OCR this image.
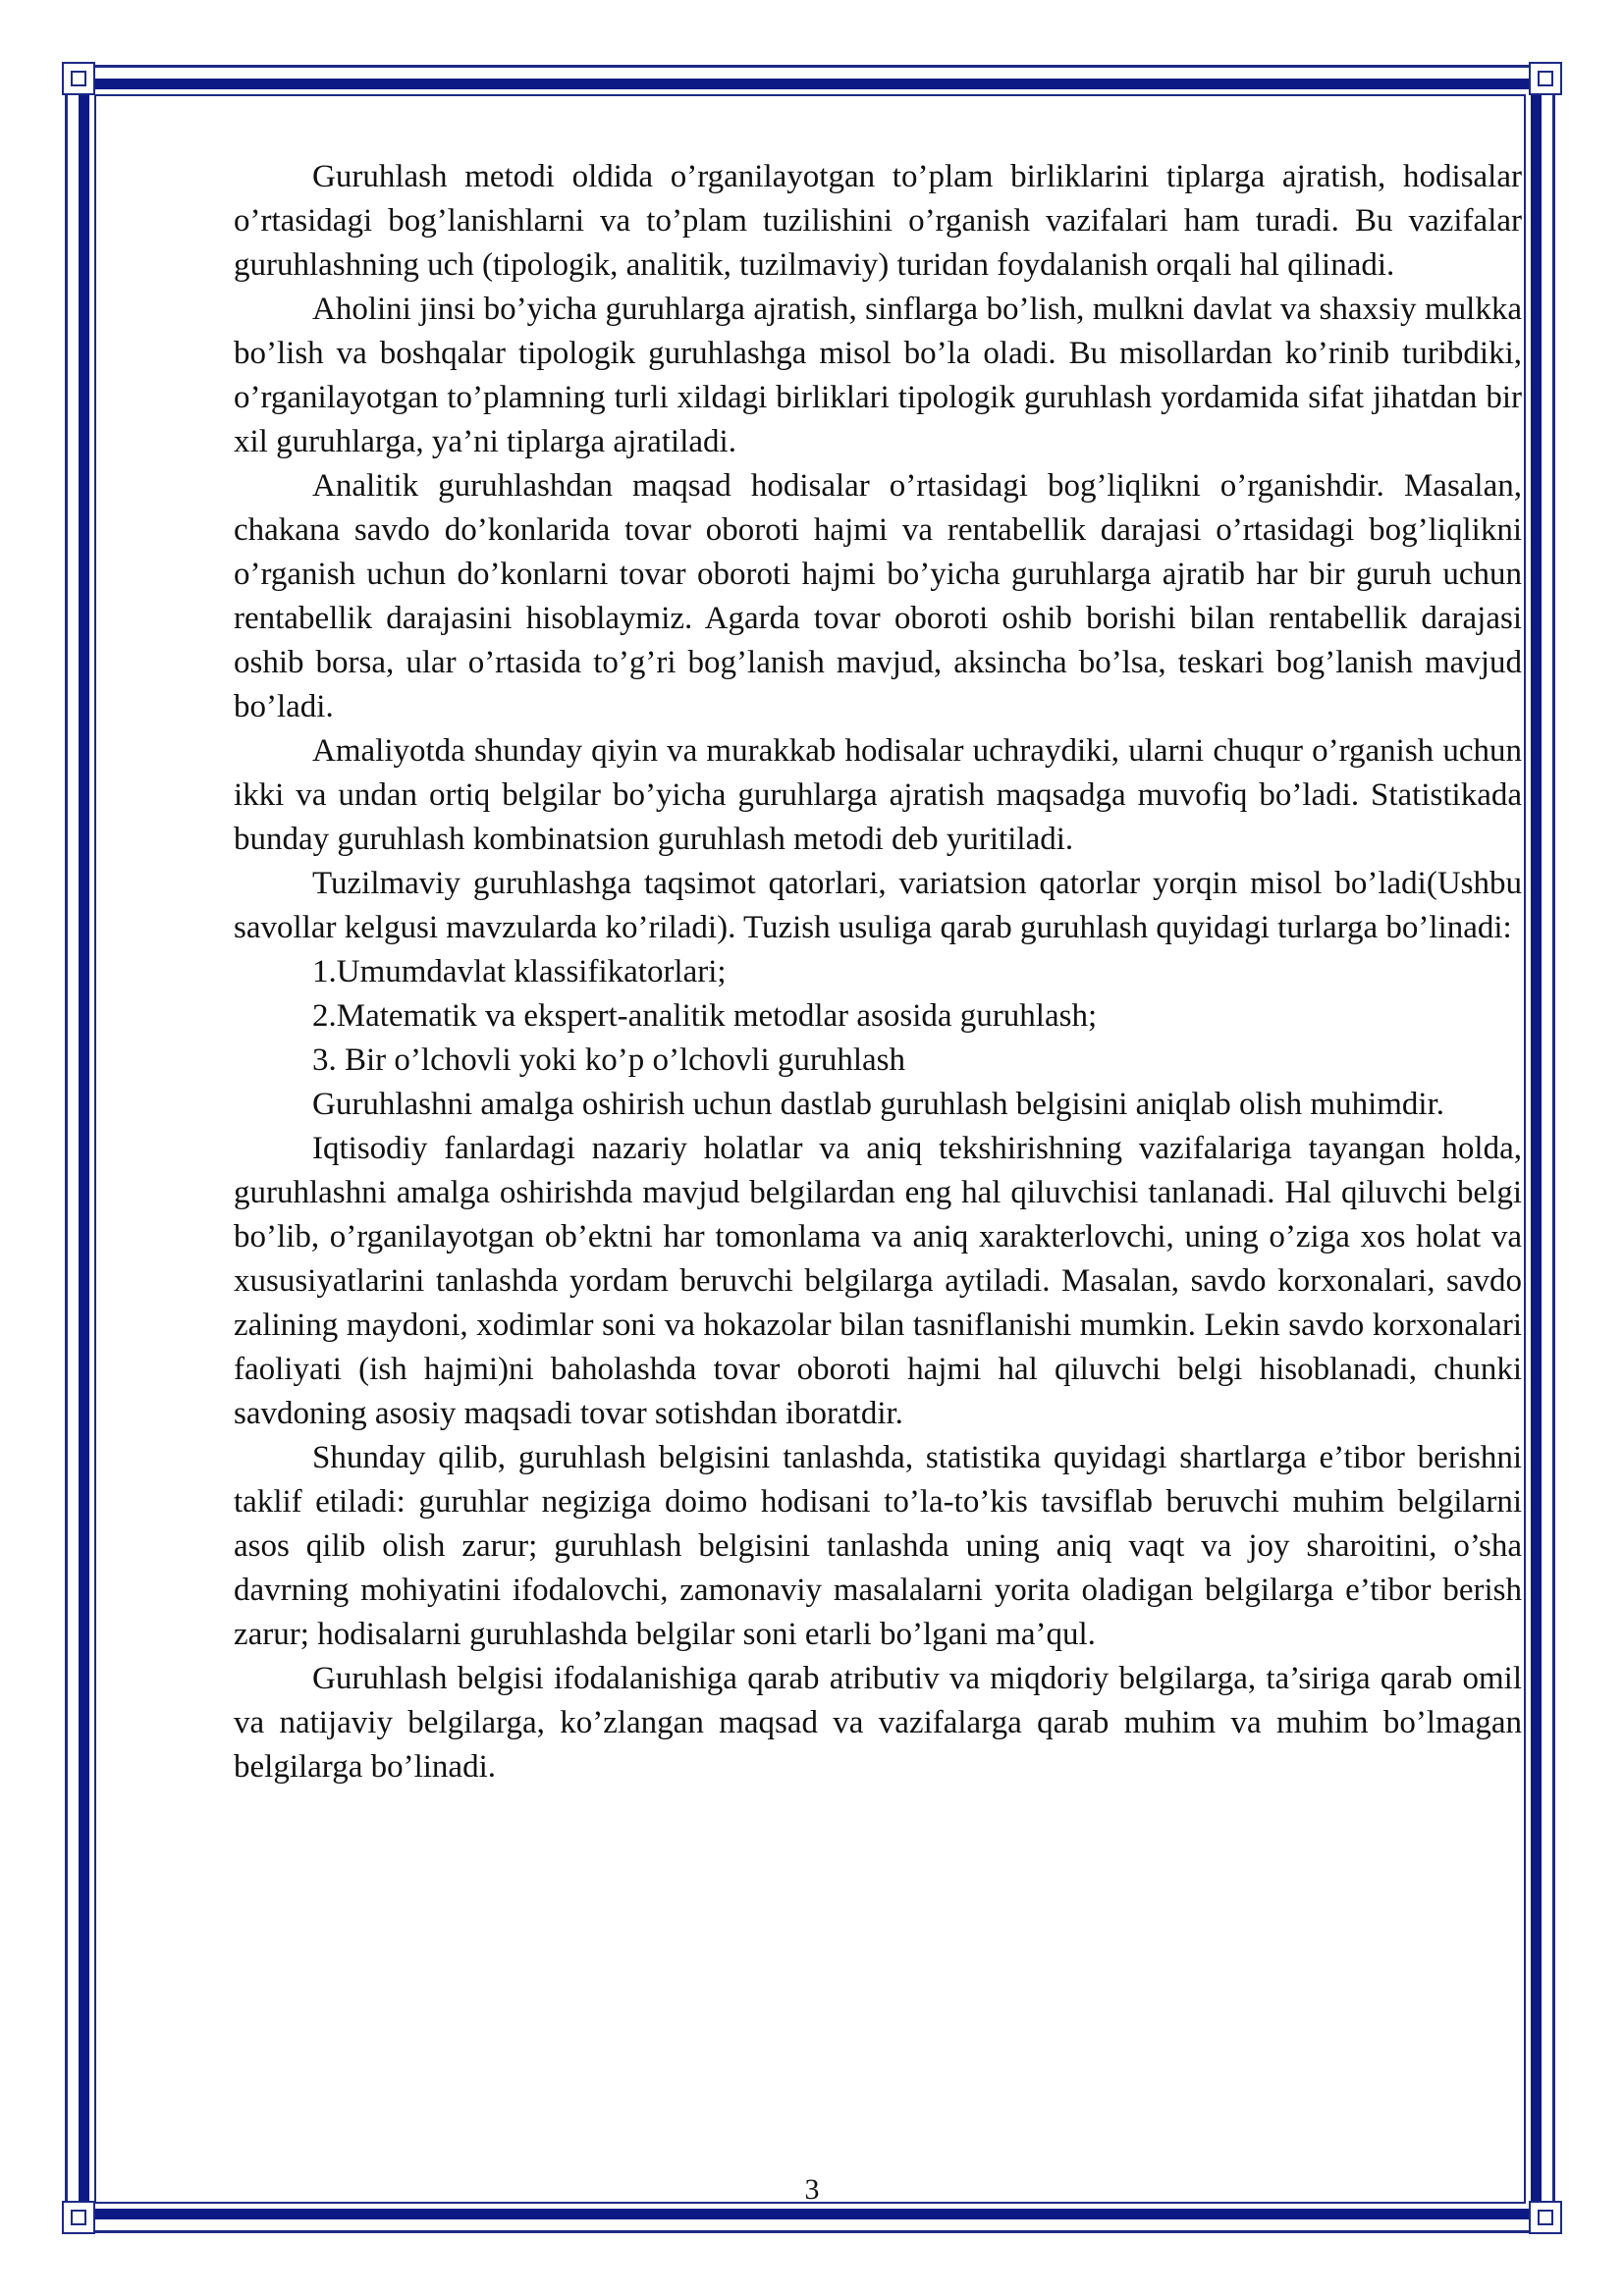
Guruhlash metodi oldida o’rganilayotgan to’plam birliklarini tiplarga ajratish, hodisalar o’rtasidagi bog’lanishlarni va to’plam tuzilishini o’rganish vazifalari ham turadi. Bu vazifalar guruhlashning uch (tipologik, analitik, tuzilmaviy) turidan foydalanish orqali hal qilinadi.

Aholini jinsi bo’yicha guruhlarga ajratish, sinflarga bo’lish, mulkni davlat va shaxsiy mulkka bo’lish va boshqalar tipologik guruhlashga misol bo’la oladi. Bu misollardan ko’rinib turibdiki, o’rganilayotgan to’plamning turli xildagi birliklari tipologik guruhlash yordamida sifat jihatdan bir xil guruhlarga, ya’ni tiplarga ajratiladi.

Analitik guruhlashdan maqsad hodisalar o’rtasidagi bog’liqlikni o’rganishdir. Masalan, chakana savdo do’konlarida tovar oboroti hajmi va rentabellik darajasi o’rtasidagi bog’liqlikni o’rganish uchun do’konlarni tovar oboroti hajmi bo’yicha guruhlarga ajratib har bir guruh uchun rentabellik darajasini hisoblaymiz. Agarda tovar oboroti oshib borishi bilan rentabellik darajasi oshib borsa, ular o’rtasida to’g’ri bog’lanish mavjud, aksincha bo’lsa, teskari bog’lanish mavjud bo’ladi.

Amaliyotda shunday qiyin va murakkab hodisalar uchraydiki, ularni chuqur o’rganish uchun ikki va undan ortiq belgilar bo’yicha guruhlarga ajratish maqsadga muvofiq bo’ladi. Statistikada bunday guruhlash kombinatsion guruhlash metodi deb yuritiladi.

Tuzilmaviy guruhlashga taqsimot qatorlari, variatsion qatorlar yorqin misol bo’ladi(Ushbu savollar kelgusi mavzularda ko’riladi). Tuzish usuliga qarab guruhlash quyidagi turlarga bo’linadi:

1.Umumdavlat klassifikatorlari;

2.Matematik va ekspert-analitik metodlar asosida guruhlash;

3. Bir o’lchovli yoki ko’p o’lchovli guruhlash

Guruhlashni amalga oshirish uchun dastlab guruhlash belgisini aniqlab olish muhimdir.

Iqtisodiy fanlardagi nazariy holatlar va aniq tekshirishning vazifalariga tayangan holda, guruhlashni amalga oshirishda mavjud belgilardan eng hal qiluvchisi tanlanadi. Hal qiluvchi belgi bo’lib, o’rganilayotgan ob’ektni har tomonlama va aniq xarakterlovchi, uning o’ziga xos holat va xususiyatlarini tanlashda yordam beruvchi belgilarga aytiladi. Masalan, savdo korxonalari, savdo zalining maydoni, xodimlar soni va hokazolar bilan tasniflanishi mumkin. Lekin savdo korxonalari faoliyati (ish hajmi)ni baholashda tovar oboroti hajmi hal qiluvchi belgi hisoblanadi, chunki savdoning asosiy maqsadi tovar sotishdan iboratdir.

Shunday qilib, guruhlash belgisini tanlashda, statistika quyidagi shartlarga e’tibor berishni taklif etiladi: guruhlar negiziga doimo hodisani to’la-to’kis tavsiflab beruvchi muhim belgilarni asos qilib olish zarur; guruhlash belgisini tanlashda uning aniq vaqt va joy sharoitini, o’sha davrning mohiyatini ifodalovchi, zamonaviy masalalarni yorita oladigan belgilarga e’tibor berish zarur; hodisalarni guruhlashda belgilar soni etarli bo’lgani ma’qul.

Guruhlash belgisi ifodalanishiga qarab atributiv va miqdoriy belgilarga, ta’siriga qarab omil va natijaviy belgilarga, ko’zlangan maqsad va vazifalarga qarab muhim va muhim bo’lmagan belgilarga bo’linadi.

3
